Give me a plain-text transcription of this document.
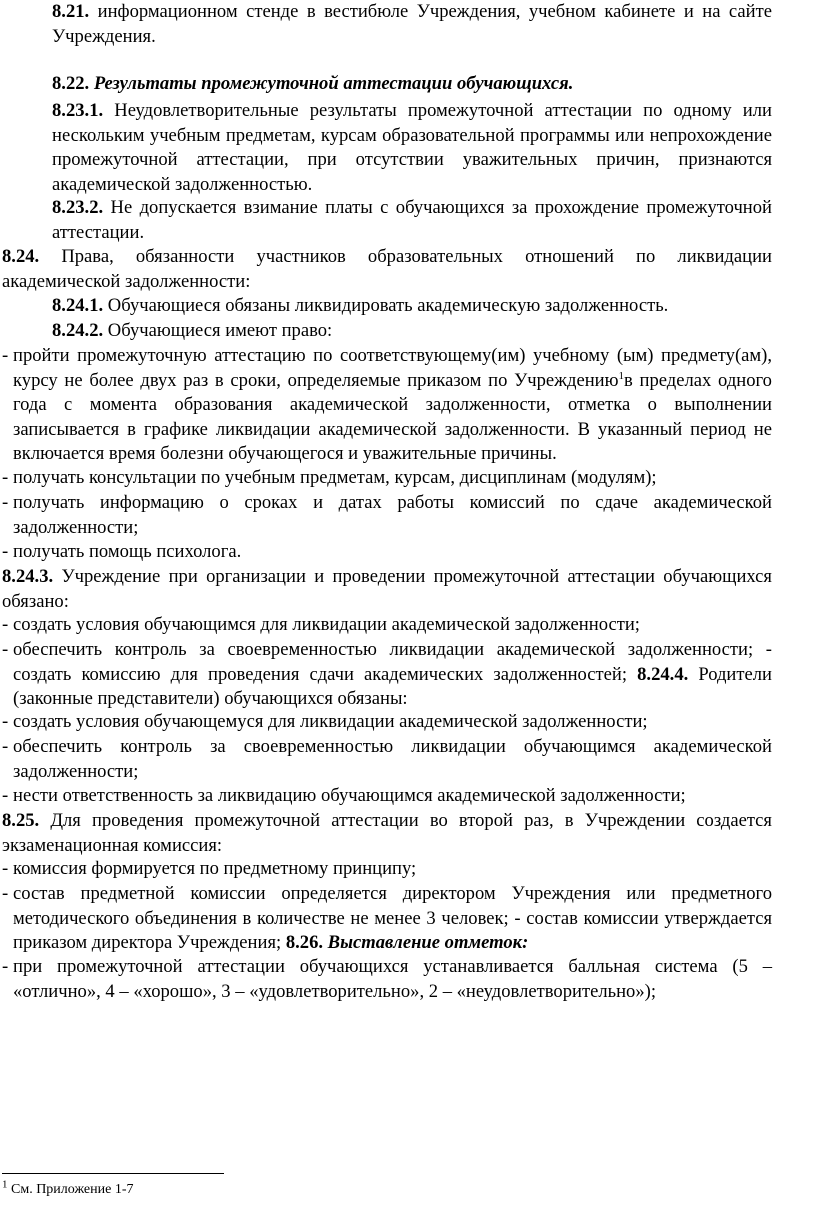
8.21. информационном стенде в вестибюле Учреждения, учебном кабинете и на сайте Учреждения.
8.22. Результаты промежуточной аттестации обучающихся.
8.23.1. Неудовлетворительные результаты промежуточной аттестации по одному или нескольким учебным предметам, курсам образовательной программы или непрохождение промежуточной аттестации, при отсутствии уважительных причин, признаются академической задолженностью.
8.23.2. Не допускается взимание платы с обучающихся за прохождение промежуточной аттестации.
8.24. Права, обязанности участников образовательных отношений по ликвидации академической задолженности:
8.24.1. Обучающиеся обязаны ликвидировать академическую задолженность.
8.24.2. Обучающиеся имеют право:
- пройти промежуточную аттестацию по соответствующему(им) учебному (ым) предмету(ам), курсу не более двух раз в сроки, определяемые приказом по Учреждению$^1$в пределах одного года с момента образования академической задолженности, отметка о выполнении записывается в графике ликвидации академической задолженности. В указанный период не включается время болезни обучающегося и уважительные причины.
- получать консультации по учебным предметам, курсам, дисциплинам (модулям);
- получать информацию о сроках и датах работы комиссий по сдаче академической задолженности;
- получать помощь психолога.
8.24.3. Учреждение при организации и проведении промежуточной аттестации обучающихся обязано:
- создать условия обучающимся для ликвидации академической задолженности;
- обеспечить контроль за своевременностью ликвидации академической задолженности; - создать комиссию для проведения сдачи академических задолженностей; 8.24.4. Родители (законные представители) обучающихся обязаны:
- создать условия обучающемуся для ликвидации академической задолженности;
- обеспечить контроль за своевременностью ликвидации обучающимся академической задолженности;
- нести ответственность за ликвидацию обучающимся академической задолженности;
8.25. Для проведения промежуточной аттестации во второй раз, в Учреждении создается экзаменационная комиссия:
- комиссия формируется по предметному принципу;
- состав предметной комиссии определяется директором Учреждения или предметного методического объединения в количестве не менее 3 человек; - состав комиссии утверждается приказом директора Учреждения; 8.26. Выставление отметок:
- при промежуточной аттестации обучающихся устанавливается балльная система (5 – «отлично», 4 – «хорошо», 3 – «удовлетворительно», 2 – «неудовлетворительно»);
$^1$ См. Приложение 1-7
